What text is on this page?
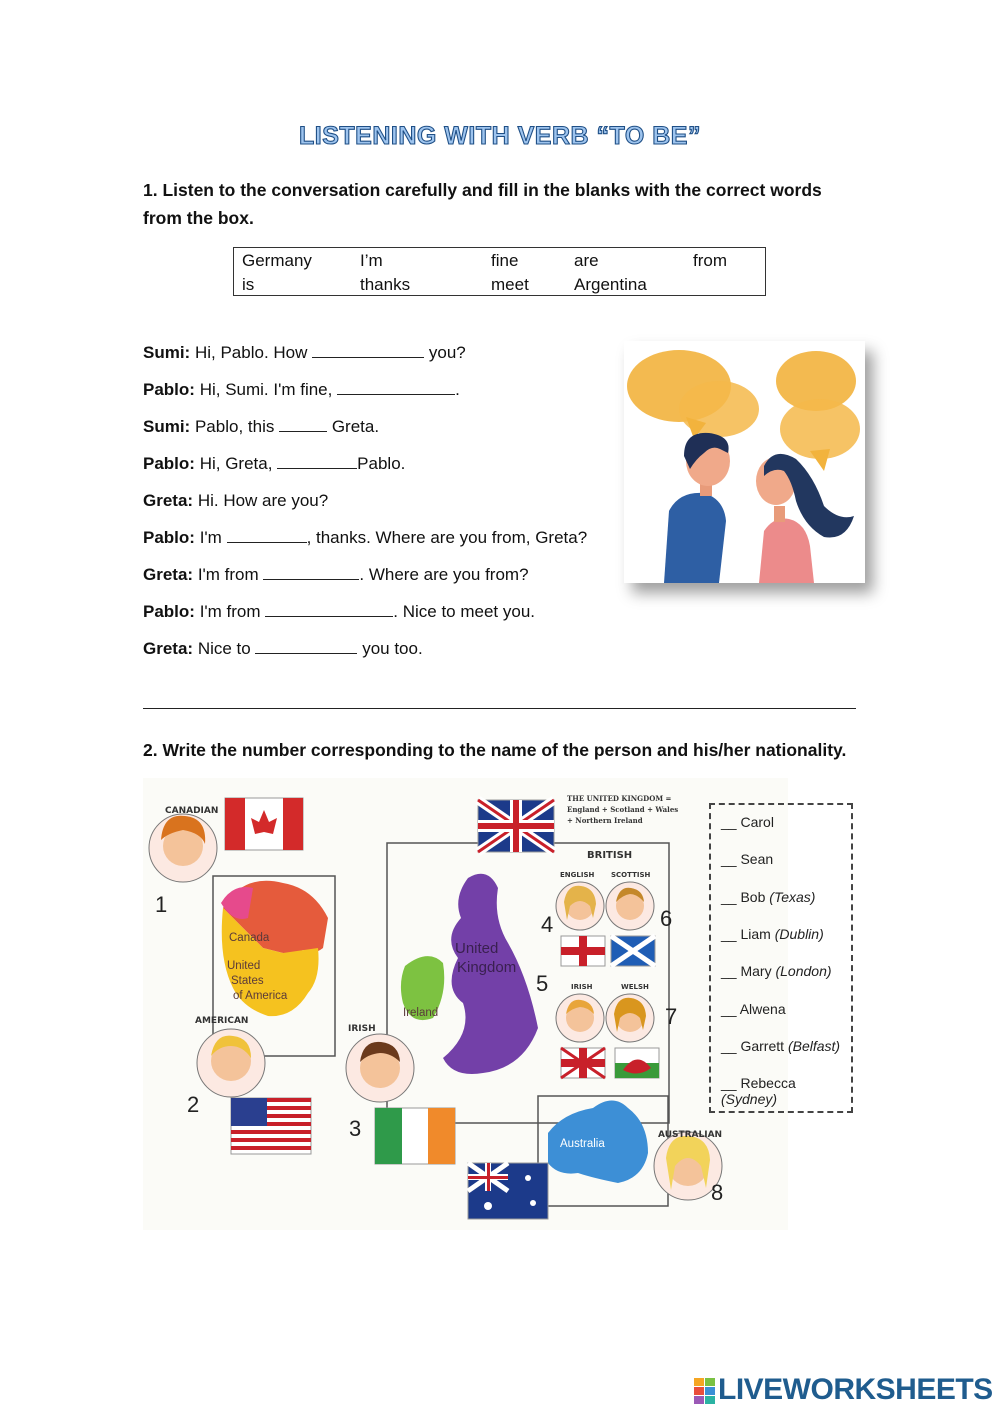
LISTENING WITH VERB “TO BE”
1. Listen to the conversation carefully and fill in the blanks with the correct words
from the box.
Germany	I’m	fine	are	from
is	thanks	meet	Argentina
Sumi: Hi, Pablo. How	you?
Pablo: Hi, Sumi. I'm fine,	.
Sumi: Pablo, this	Greta.
Pablo: Hi, Greta,	Pablo.
Greta: Hi. How are you?
Pablo: I'm	, thanks. Where are you from, Greta?
Greta: I'm from	. Where are you from?
Pablo: I'm from	. Nice to meet you.
Greta: Nice to	you too.
2. Write the number corresponding to the name of the person and his/her nationality.
CANADIAN
AMERICAN
IRISH
AUSTRALIAN
BRITISH
ENGLISH SCOTTISH
IRISH	WELSH
THE UNITED KINGDOM =
England + Scotland + Wales
+ Northern Ireland
Canada
United
States
of America
United
Kingdom
Ireland
Australia
1
2
3
4
5
6
7
8
__ Carol
__ Sean
__ Bob (Texas)
__ Liam (Dublin)
__ Mary (London)
__ Alwena
__ Garrett (Belfast)
__ Rebecca (Sydney)
LIVEWORKSHEETS
